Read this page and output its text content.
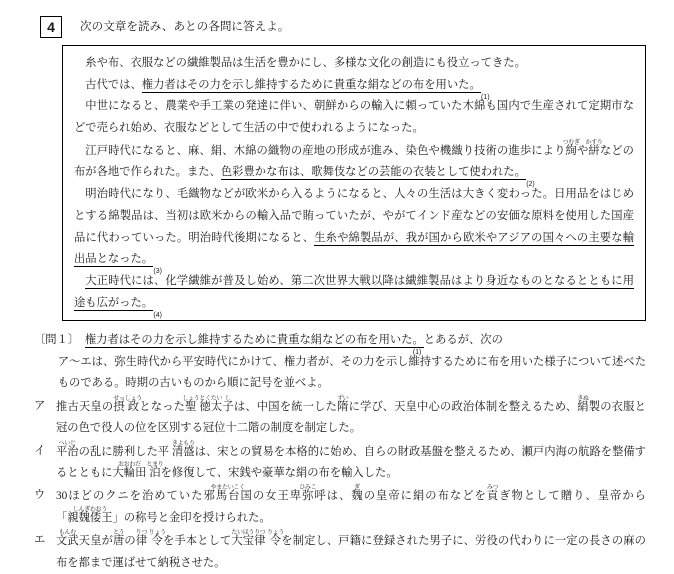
4	次の文章を読み、あとの各問に答えよ。

糸や布、衣服などの繊維製品は生活を豊かにし、多様な文化の創造にも役立ってきた。

古代では、権力者はその力を示し維持するために貴重な絹などの布を用いた。
(1)

中世になると、農業や手工業の発達に伴い、朝鮮からの輸入に頼っていた木綿も国内で生産されて定期市などで売られ始め、衣服などとして生活の中で使われるようになった。

江戸時代になると、麻、絹、木綿の織物の産地の形成が進み、染色や機織り技術の進歩により絢つむぎや絣かすりなどの布が各地で作られた。また、色彩豊かな布は、歌舞伎などの芸能の衣装として使われた。
(2)

明治時代になり、毛織物などが欧米から入るようになると、人々の生活は大きく変わった。日用品をはじめとする綿製品は、当初は欧米からの輸入品で賄っていたが、やがてインド産などの安価な原料を使用した国産品に代わっていった。明治時代後期になると、生糸や綿製品が、我が国から欧米やアジアの国々への主要な輸出品となった。
(3)

大正時代には、化学繊維が普及し始め、第二次世界大戦以降は繊維製品はより身近なものとなるとともに用途も広がった。
(4)

〔問１〕　 権力者はその力を示し維持するために貴重な絹などの布を用いた。
(1)
とあるが、次の

ア～エは、弥生時代から平安時代にかけて、権力者が、その力を示し維持するために布を用いた様子について述べたものである。時期の古いものから順に記号を並べよ。

ア 推古天皇の摂せっ政しょうとなった聖しょう徳とく太たい子しは、中国を統一した隋ずいに学び、天皇中心の政治体制を整えるため、絹きぬ製の衣服と冠の色で役人の位を区別する冠位十二階の制度を制定した。
イ 平治へいじの乱に勝利した平 清盛きよもりは、宋との貿易を本格的に始め、自らの財政基盤を整えるため、瀬戸内海の航路を整備するとともに大輪田おおわだ泊とまりを修復して、宋銭や豪華な絹の布を輸入した。
ウ 30ほどのクニを治めていた邪馬台国やまたいこくの女王卑弥呼ひみこは、魏ぎの皇帝に絹の布などを貢みつぎ物として贈り、皇帝から「親魏倭王しんぎわおう」の称号と金印を授けられた。
エ 文武もんむ天皇が唐とうの律りつ 令りょうを手本として大宝たいほう律りつ 令りょうを制定し、戸籍に登録された男子に、労役の代わりに一定の長さの麻の布を都まで運ばせて納税させた。
